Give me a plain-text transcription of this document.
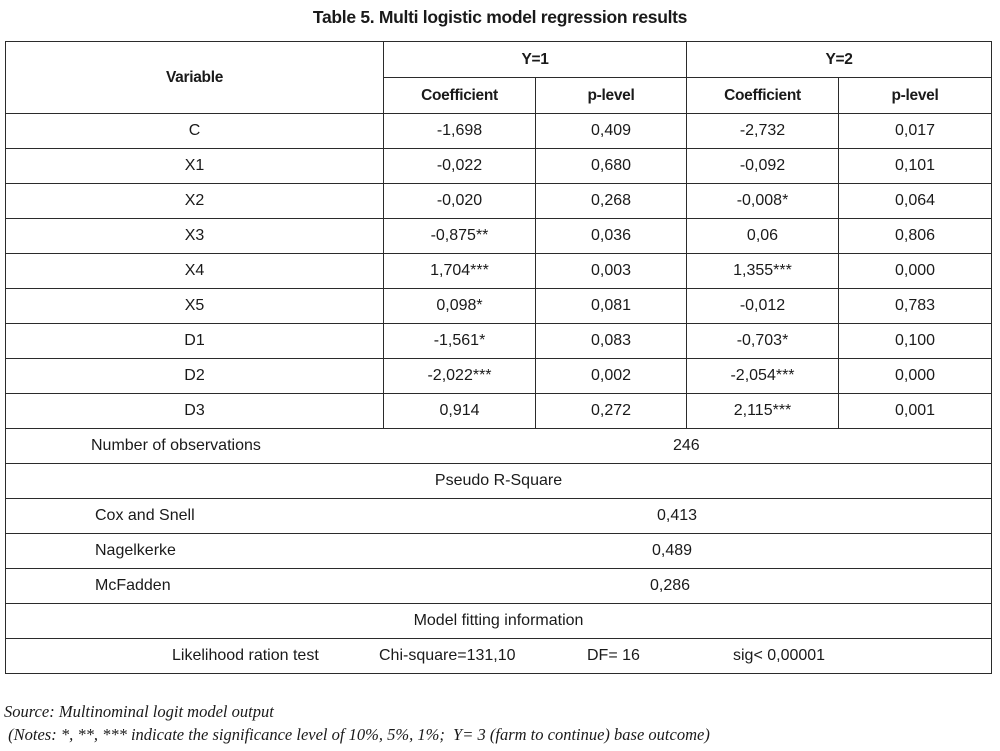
Table 5. Multi logistic model regression results
Variable	Y=1		Y=2	
	Coefficient	p-level	Coefficient	p-level
C	-1,698	0,409	-2,732	0,017
X1	-0,022	0,680	-0,092	0,101
X2	-0,020	0,268	-0,008*	0,064
X3	-0,875**	0,036	0,06	0,806
X4	1,704***	0,003	1,355***	0,000
X5	0,098*	0,081	-0,012	0,783
D1	-1,561*	0,083	-0,703*	0,100
D2	-2,022***	0,002	-2,054***	0,000
D3	0,914	0,272	2,115***	0,001

Number of observations 246				

Pseudo R-Square				

Cox and Snell 0,413				

Nagelkerke 0,489				

McFadden 0,286				

Model fitting information				

Likelihood ration test Chi-square=131,10 DF= 16 sig< 0,00001				
Source: Multinominal logit model output
(Notes: *, **, *** indicate the significance level of 10%, 5%, 1%;  Y= 3 (farm to continue) base outcome)
